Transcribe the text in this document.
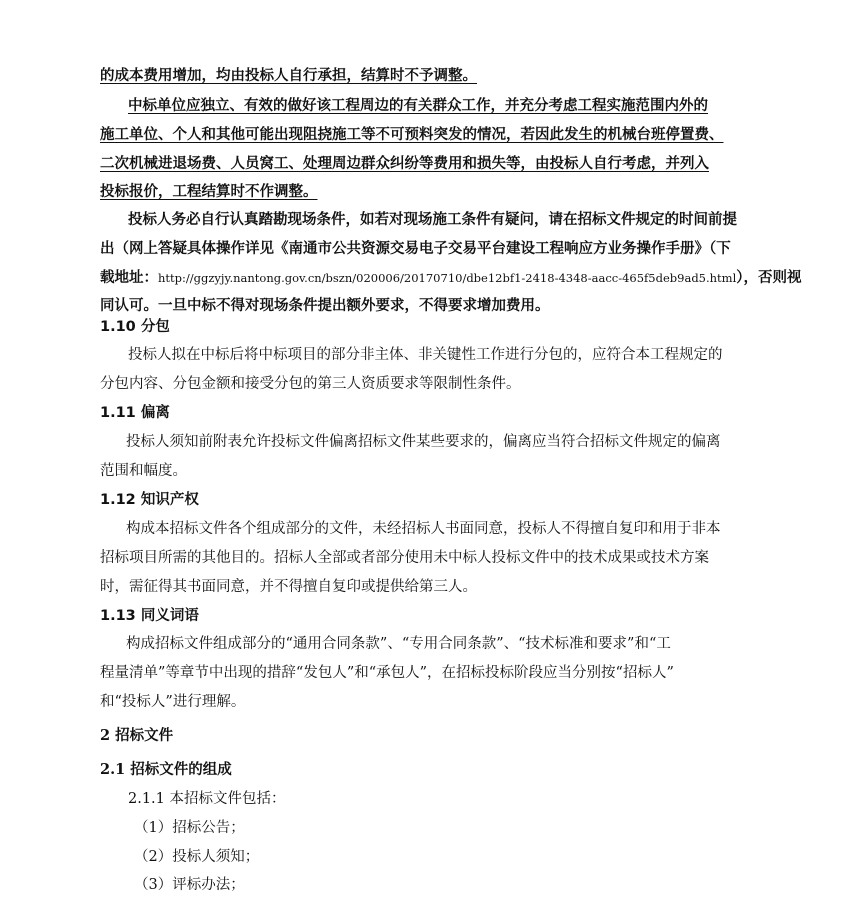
的成本费用增加，均由投标人自行承担，结算时不予调整。
中标单位应独立、有效的做好该工程周边的有关群众工作，并充分考虑工程实施范围内外的
施工单位、个人和其他可能出现阻挠施工等不可预料突发的情况，若因此发生的机械台班停置费、
二次机械进退场费、人员窝工、处理周边群众纠纷等费用和损失等，由投标人自行考虑，并列入
投标报价，工程结算时不作调整。
投标人务必自行认真踏勘现场条件，如若对现场施工条件有疑问，请在招标文件规定的时间前提
出（网上答疑具体操作详见《南通市公共资源交易电子交易平台建设工程响应方业务操作手册》（下
载地址：http://ggzyjy.nantong.gov.cn/bszn/020006/20170710/dbe12bf1-2418-4348-aacc-465f5deb9ad5.html），否则视
同认可。一旦中标不得对现场条件提出额外要求，不得要求增加费用。
1.10 分包
投标人拟在中标后将中标项目的部分非主体、非关键性工作进行分包的，应符合本工程规定的
分包内容、分包金额和接受分包的第三人资质要求等限制性条件。
1.11 偏离
投标人须知前附表允许投标文件偏离招标文件某些要求的，偏离应当符合招标文件规定的偏离
范围和幅度。
1.12 知识产权
构成本招标文件各个组成部分的文件，未经招标人书面同意，投标人不得擅自复印和用于非本
招标项目所需的其他目的。招标人全部或者部分使用未中标人投标文件中的技术成果或技术方案
时，需征得其书面同意，并不得擅自复印或提供给第三人。
1.13 同义词语
构成招标文件组成部分的“通用合同条款”、“专用合同条款”、“技术标准和要求”和“工
程量清单”等章节中出现的措辞“发包人”和“承包人”，在招标投标阶段应当分别按“招标人”
和“投标人”进行理解。
2 招标文件
2.1 招标文件的组成
2.1.1 本招标文件包括：
（1）招标公告；
（2）投标人须知；
（3）评标办法；
